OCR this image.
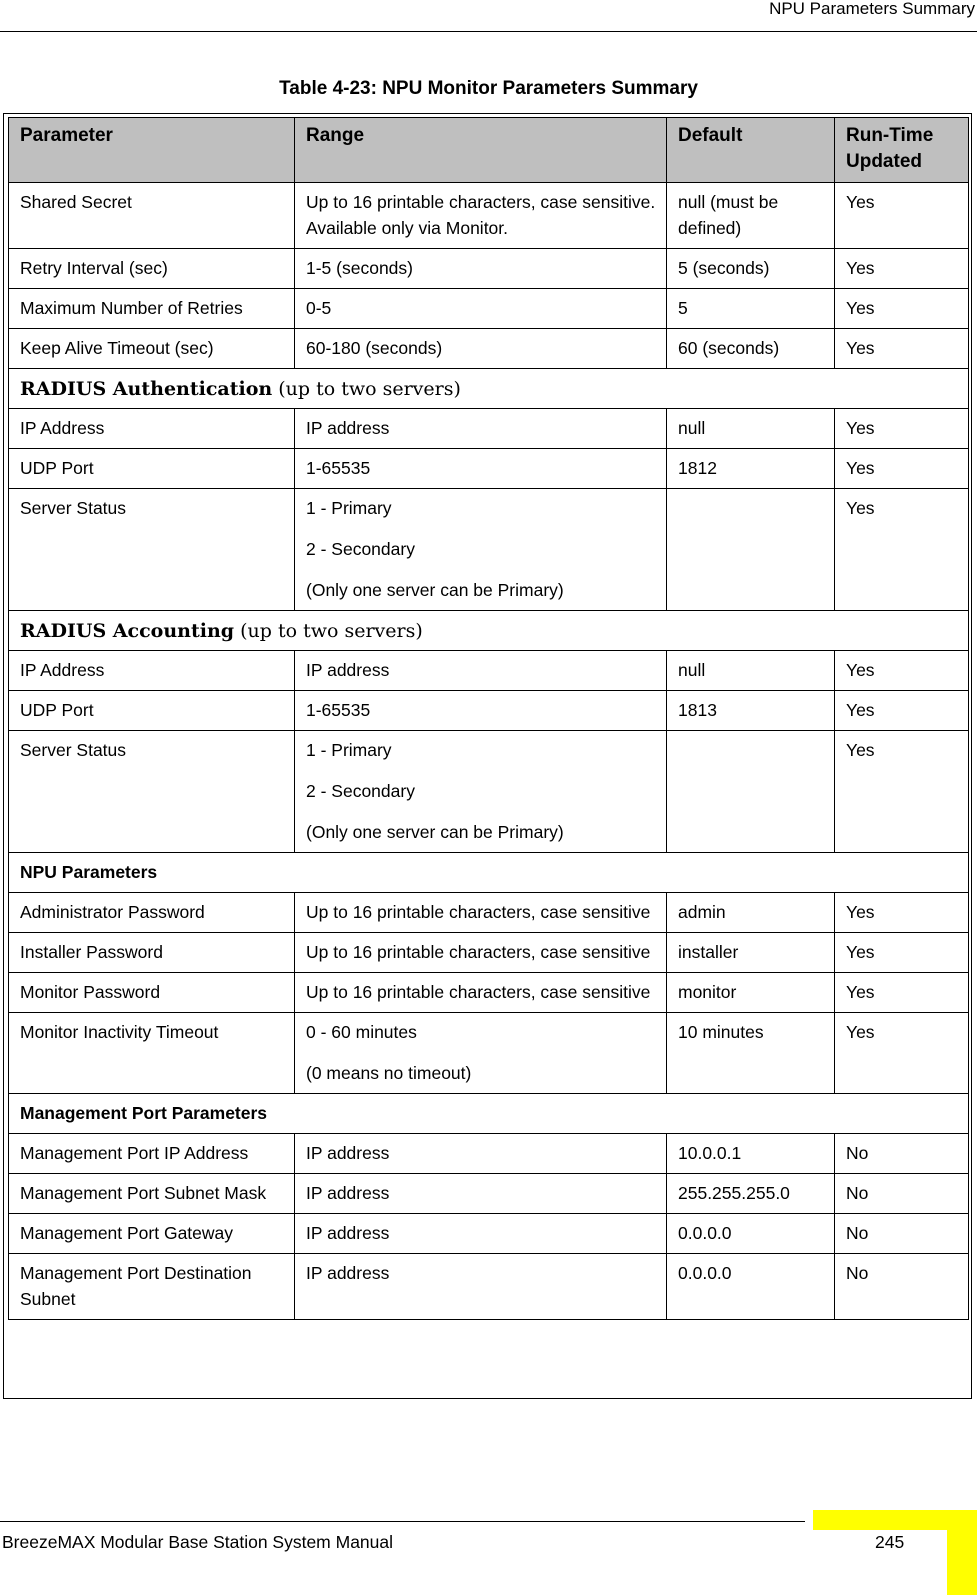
NPU Parameters Summary
Table 4-23: NPU Monitor Parameters Summary
Parameter	Range	Default	Run-Time Updated
Shared Secret	Up to 16 printable characters, case sensitive. Available only via Monitor.	null (must be defined)	Yes
Retry Interval (sec)	1-5 (seconds)	5 (seconds)	Yes
Maximum Number of Retries	0-5	5	Yes
Keep Alive Timeout (sec)	60-180 (seconds)	60 (seconds)	Yes
RADIUS Authentication (up to two servers)			
IP Address	IP address	null	Yes
UDP Port	1-65535	1812	Yes
Server Status	1 - Primary
2 - Secondary
(Only one server can be Primary)		Yes
RADIUS Accounting (up to two servers)			
IP Address	IP address	null	Yes
UDP Port	1-65535	1813	Yes
Server Status	1 - Primary
2 - Secondary
(Only one server can be Primary)		Yes
NPU Parameters			
Administrator Password	Up to 16 printable characters, case sensitive	admin	Yes
Installer Password	Up to 16 printable characters, case sensitive	installer	Yes
Monitor Password	Up to 16 printable characters, case sensitive	monitor	Yes
Monitor Inactivity Timeout	0 - 60 minutes
(0 means no timeout)	10 minutes	Yes
Management Port Parameters			
Management Port IP Address	IP address	10.0.0.1	No
Management Port Subnet Mask	IP address	255.255.255.0	No
Management Port Gateway	IP address	0.0.0.0	No
Management Port Destination Subnet	IP address	0.0.0.0	No
BreezeMAX Modular Base Station System Manual	245
